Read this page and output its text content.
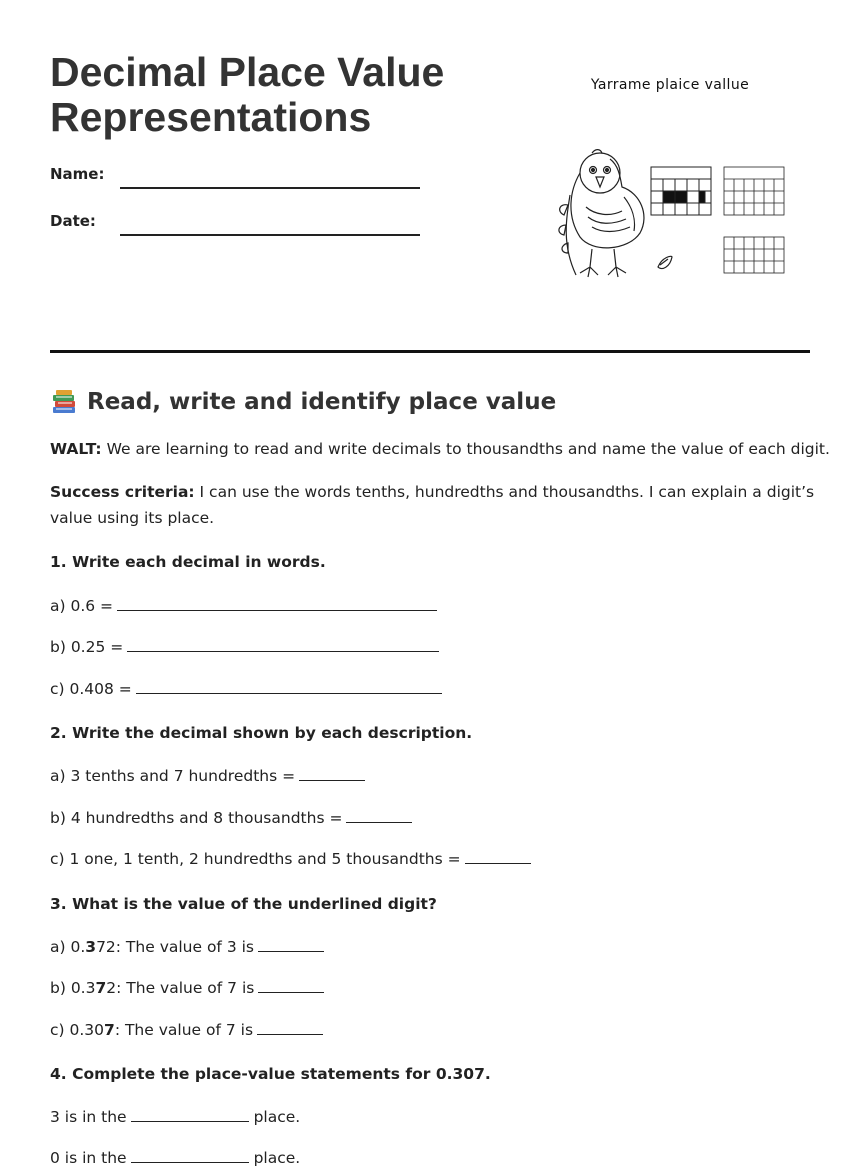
Decimal Place Value
Representations
Name:
Date:
Yarrame plaice vallue
Read, write and identify place value
WALT: We are learning to read and write decimals to thousandths and name the value of each digit.
Success criteria: I can use the words tenths, hundredths and thousandths. I can explain a digit’s value using its place.
1. Write each decimal in words.
a) 0.6 =
b) 0.25 =
c) 0.408 =
2. Write the decimal shown by each description.
a) 3 tenths and 7 hundredths =
b) 4 hundredths and 8 thousandths =
c) 1 one, 1 tenth, 2 hundredths and 5 thousandths =
3. What is the value of the underlined digit?
a) 0.372: The value of 3 is
b) 0.372: The value of 7 is
c) 0.307: The value of 7 is
4. Complete the place-value statements for 0.307.
3 is in the	place.
0 is in the	place.
